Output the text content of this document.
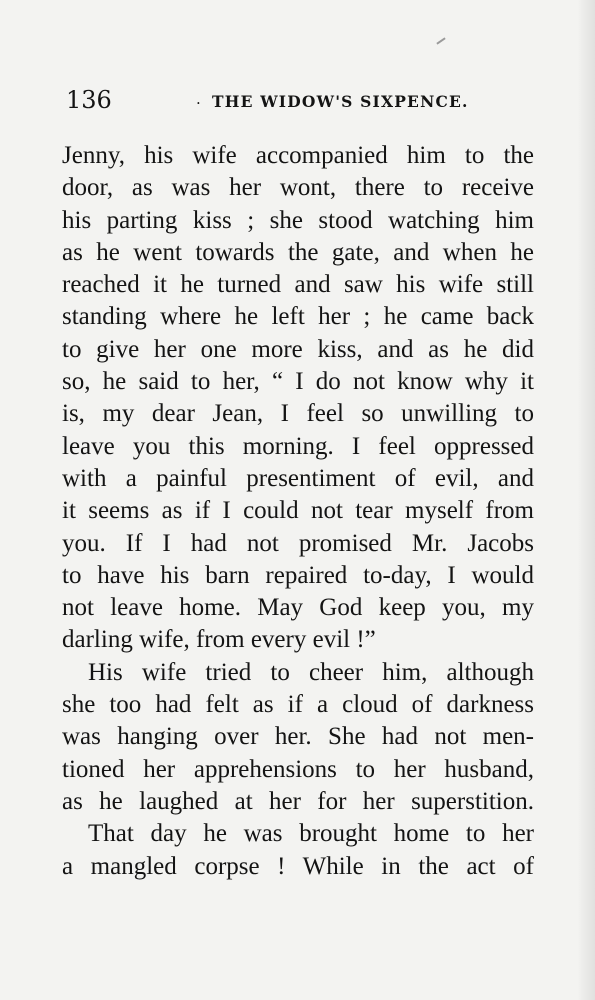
136	. THE WIDOW'S SIXPENCE.
Jenny, his wife accompanied him to the
door, as was her wont, there to receive
his parting kiss ; she stood watching him
as he went towards the gate, and when he
reached it he turned and saw his wife still
standing where he left her ; he came back
to give her one more kiss, and as he did
so, he said to her, “ I do not know why it
is, my dear Jean, I feel so unwilling to
leave you this morning. I feel oppressed
with a painful presentiment of evil, and
it seems as if I could not tear myself from
you. If I had not promised Mr. Jacobs
to have his barn repaired to-day, I would
not leave home. May God keep you, my
darling wife, from every evil !”
His wife tried to cheer him, although
she too had felt as if a cloud of darkness
was hanging over her. She had not men-
tioned her apprehensions to her husband,
as he laughed at her for her superstition.
That day he was brought home to her
a mangled corpse ! While in the act of
